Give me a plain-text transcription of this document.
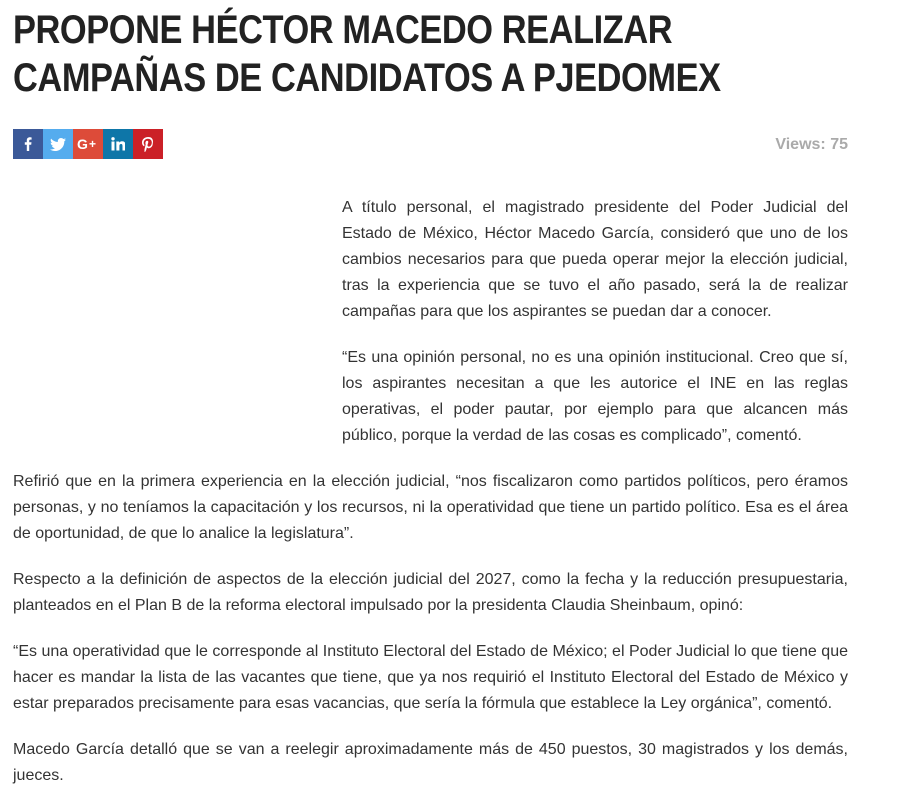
PROPONE HÉCTOR MACEDO REALIZAR
CAMPAÑAS DE CANDIDATOS A PJEDOMEX
G +	Views: 75

A título personal, el magistrado presidente del Poder Judicial del Estado de México, Héctor Macedo García, consideró que uno de los cambios necesarios para que pueda operar mejor la elección judicial, tras la experiencia que se tuvo el año pasado, será la de realizar campañas para que los aspirantes se puedan dar a conocer.

“Es una opinión personal, no es una opinión institucional. Creo que sí, los aspirantes necesitan a que les autorice el INE en las reglas operativas, el poder pautar, por ejemplo para que alcancen más público, porque la verdad de las cosas es complicado”, comentó.

Refirió que en la primera experiencia en la elección judicial, “nos fiscalizaron como partidos políticos, pero éramos personas, y no teníamos la capacitación y los recursos, ni la operatividad que tiene un partido político. Esa es el área de oportunidad, de que lo analice la legislatura”.

Respecto a la definición de aspectos de la elección judicial del 2027, como la fecha y la reducción presupuestaria, planteados en el Plan B de la reforma electoral impulsado por la presidenta Claudia Sheinbaum, opinó:

“Es una operatividad que le corresponde al Instituto Electoral del Estado de México; el Poder Judicial lo que tiene que hacer es mandar la lista de las vacantes que tiene, que ya nos requirió el Instituto Electoral del Estado de México y estar preparados precisamente para esas vacancias, que sería la fórmula que establece la Ley orgánica”, comentó.

Macedo García detalló que se van a reelegir aproximadamente más de 450 puestos, 30 magistrados y los demás, jueces.
